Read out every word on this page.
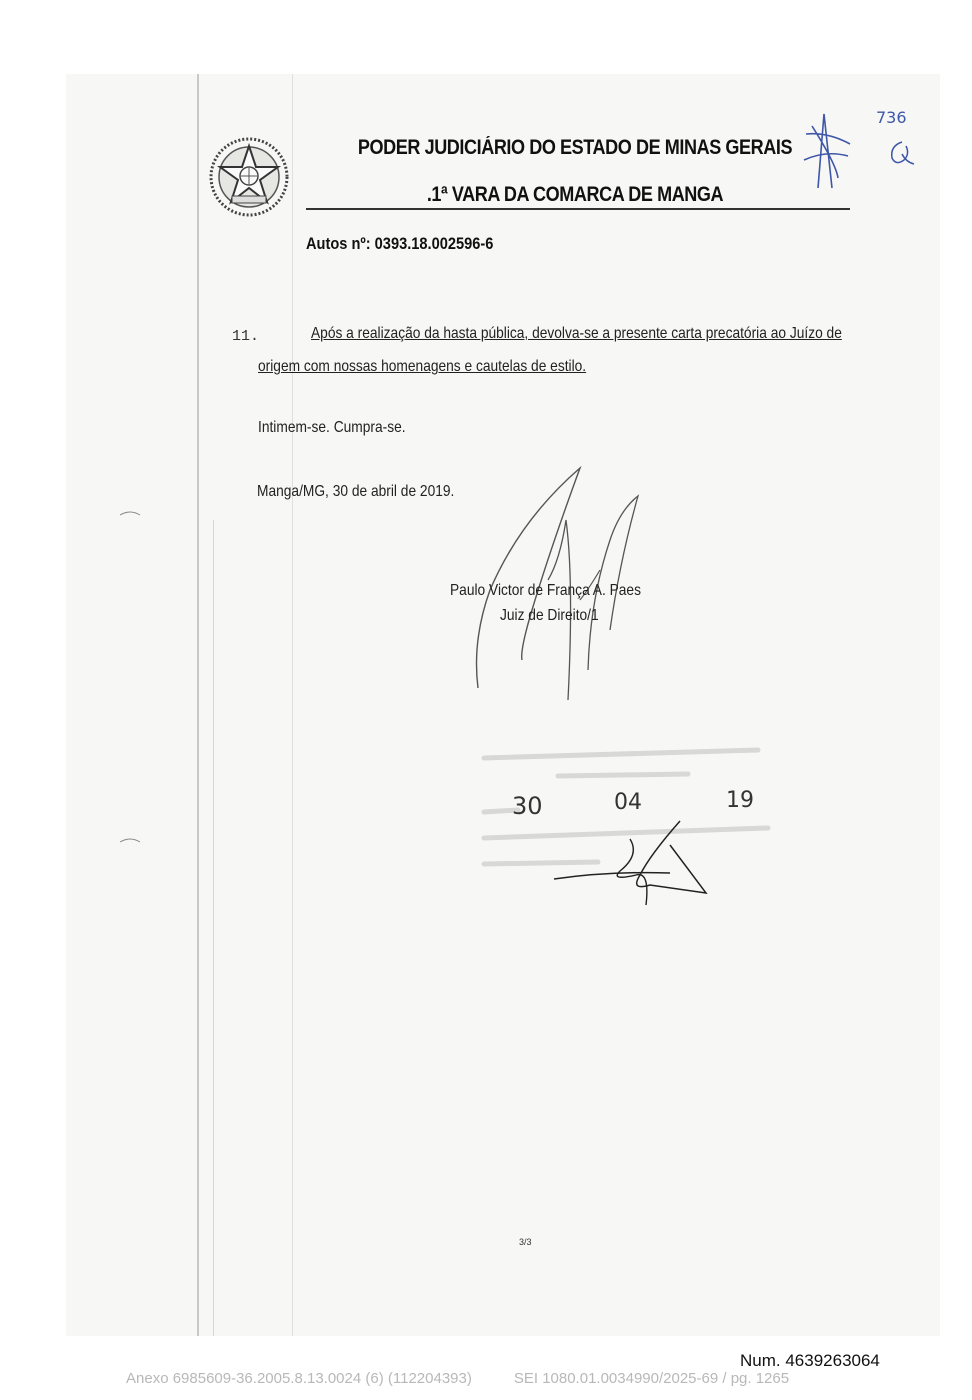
PODER JUDICIÁRIO DO ESTADO DE MINAS GERAIS
.1ª VARA DA COMARCA DE MANGA
736
Autos nº: 0393.18.002596-6
11.	Após a realização da hasta pública, devolva-se a presente carta precatória ao Juízo de
origem com nossas homenagens e cautelas de estilo.
Intimem-se. Cumpra-se.
Manga/MG, 30 de abril de 2019.
Paulo Victor de França A. Paes
Juiz de Direito/1
30	04	19
3/3
Num. 4639263064
Anexo 6985609-36.2005.8.13.0024 (6) (112204393)	SEI 1080.01.0034990/2025-69 / pg. 1265
